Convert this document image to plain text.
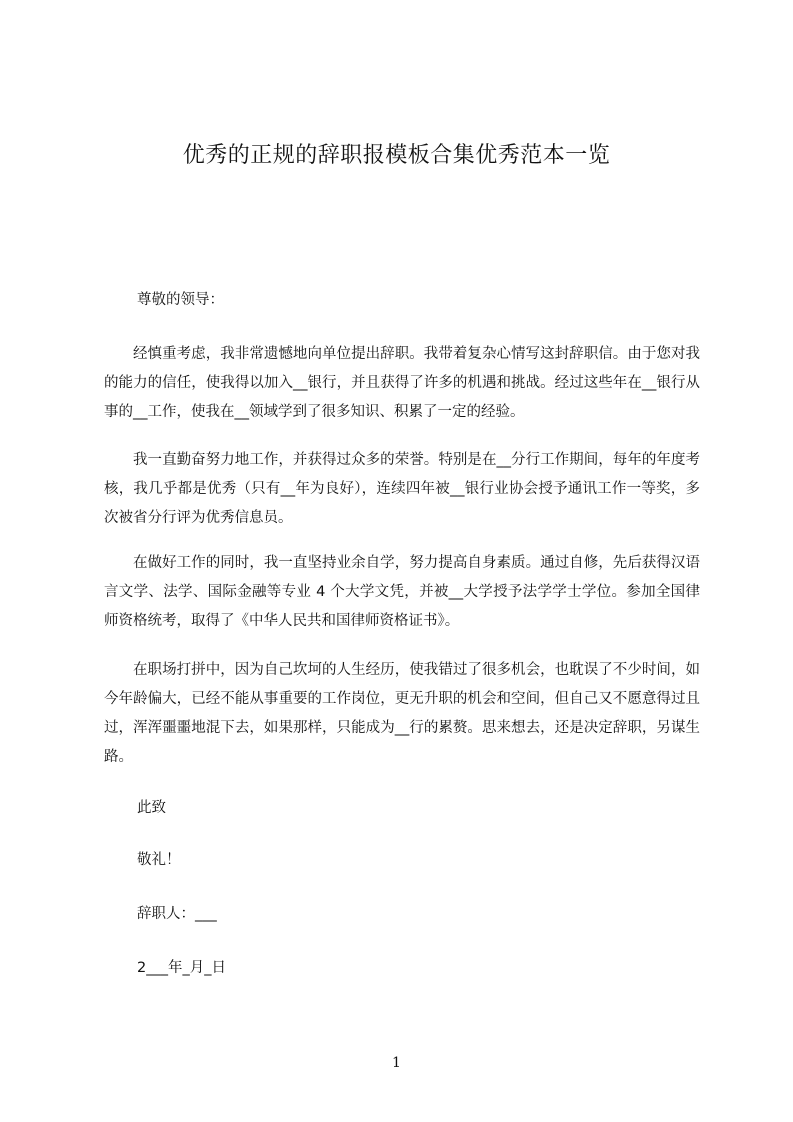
优秀的正规的辞职报模板合集优秀范本一览

尊敬的领导：

经慎重考虑，我非常遗憾地向单位提出辞职。我带着复杂心情写这封辞职信。由于您对我的能力的信任，使我得以加入__银行，并且获得了许多的机遇和挑战。经过这些年在__银行从事的__工作，使我在__领域学到了很多知识、积累了一定的经验。

我一直勤奋努力地工作，并获得过众多的荣誉。特别是在__分行工作期间，每年的年度考核，我几乎都是优秀（只有__年为良好），连续四年被__银行业协会授予通讯工作一等奖，多次被省分行评为优秀信息员。

在做好工作的同时，我一直坚持业余自学，努力提高自身素质。通过自修，先后获得汉语言文学、法学、国际金融等专业 4 个大学文凭，并被__大学授予法学学士学位。参加全国律师资格统考，取得了《中华人民共和国律师资格证书》。

在职场打拼中，因为自己坎坷的人生经历，使我错过了很多机会，也耽误了不少时间，如今年龄偏大，已经不能从事重要的工作岗位，更无升职的机会和空间，但自己又不愿意得过且过，浑浑噩噩地混下去，如果那样，只能成为__行的累赘。思来想去，还是决定辞职，另谋生路。

此致

敬礼！

辞职人：___

2___年_月_日

1
